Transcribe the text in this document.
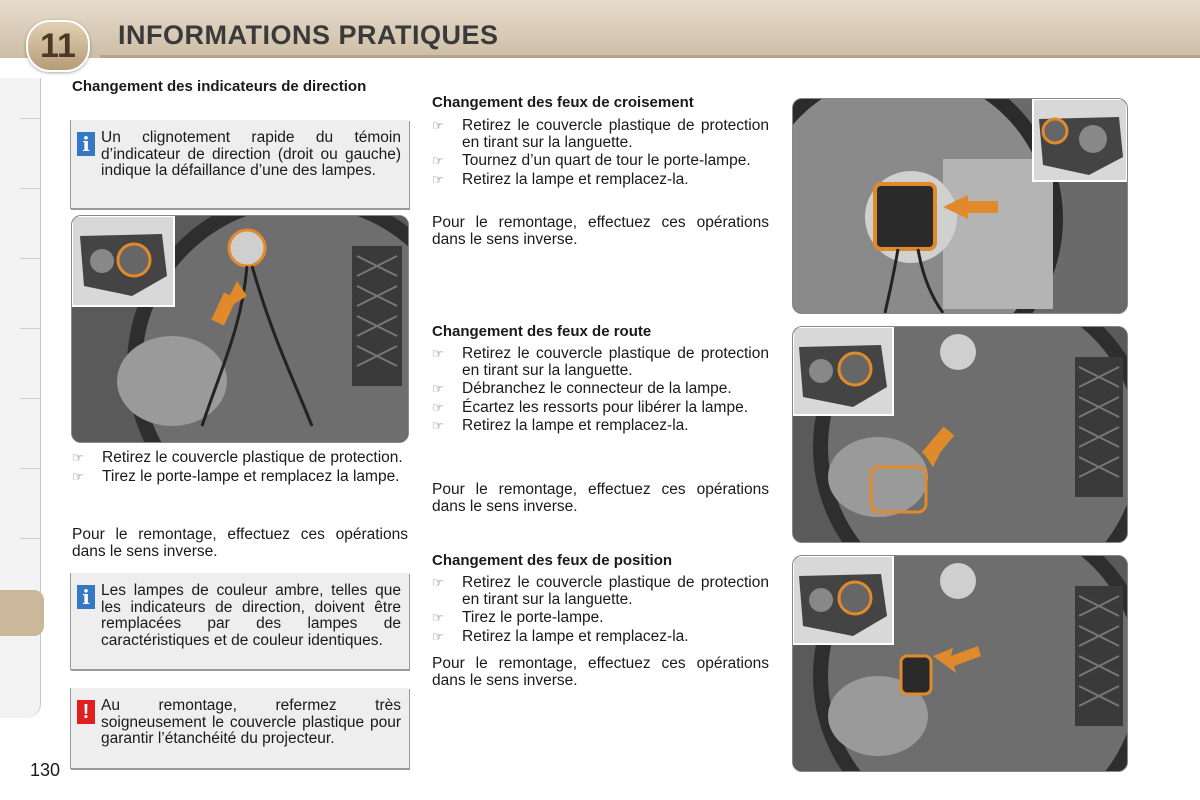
11	INFORMATIONS PRATIQUES
130
Changement des indicateurs de direction
i Un clignotement rapide du témoin d’indicateur de direction (droit ou gauche) indique la défaillance d’une des lampes.
☞ Retirez le couvercle plastique de protection.
☞ Tirez le porte-lampe et remplacez la lampe.
Pour le remontage, effectuez ces opérations dans le sens inverse.
i Les lampes de couleur ambre, telles que les indicateurs de direction, doivent être remplacées par des lampes de caractéristiques et de couleur identiques.
! Au remontage, refermez très soigneusement le couvercle plastique pour garantir l’étanchéité du projecteur.
Changement des feux de croisement
☞ Retirez le couvercle plastique de protection en tirant sur la languette.
☞ Tournez d’un quart de tour le porte-lampe.
☞ Retirez la lampe et remplacez-la.
Pour le remontage, effectuez ces opérations dans le sens inverse.
Changement des feux de route
☞ Retirez le couvercle plastique de protection en tirant sur la languette.
☞ Débranchez le connecteur de la lampe.
☞ Écartez les ressorts pour libérer la lampe.
☞ Retirez la lampe et remplacez-la.
Pour le remontage, effectuez ces opérations dans le sens inverse.
Changement des feux de position
☞ Retirez le couvercle plastique de protection en tirant sur la languette.
☞ Tirez le porte-lampe.
☞ Retirez la lampe et remplacez-la.
Pour le remontage, effectuez ces opérations dans le sens inverse.
